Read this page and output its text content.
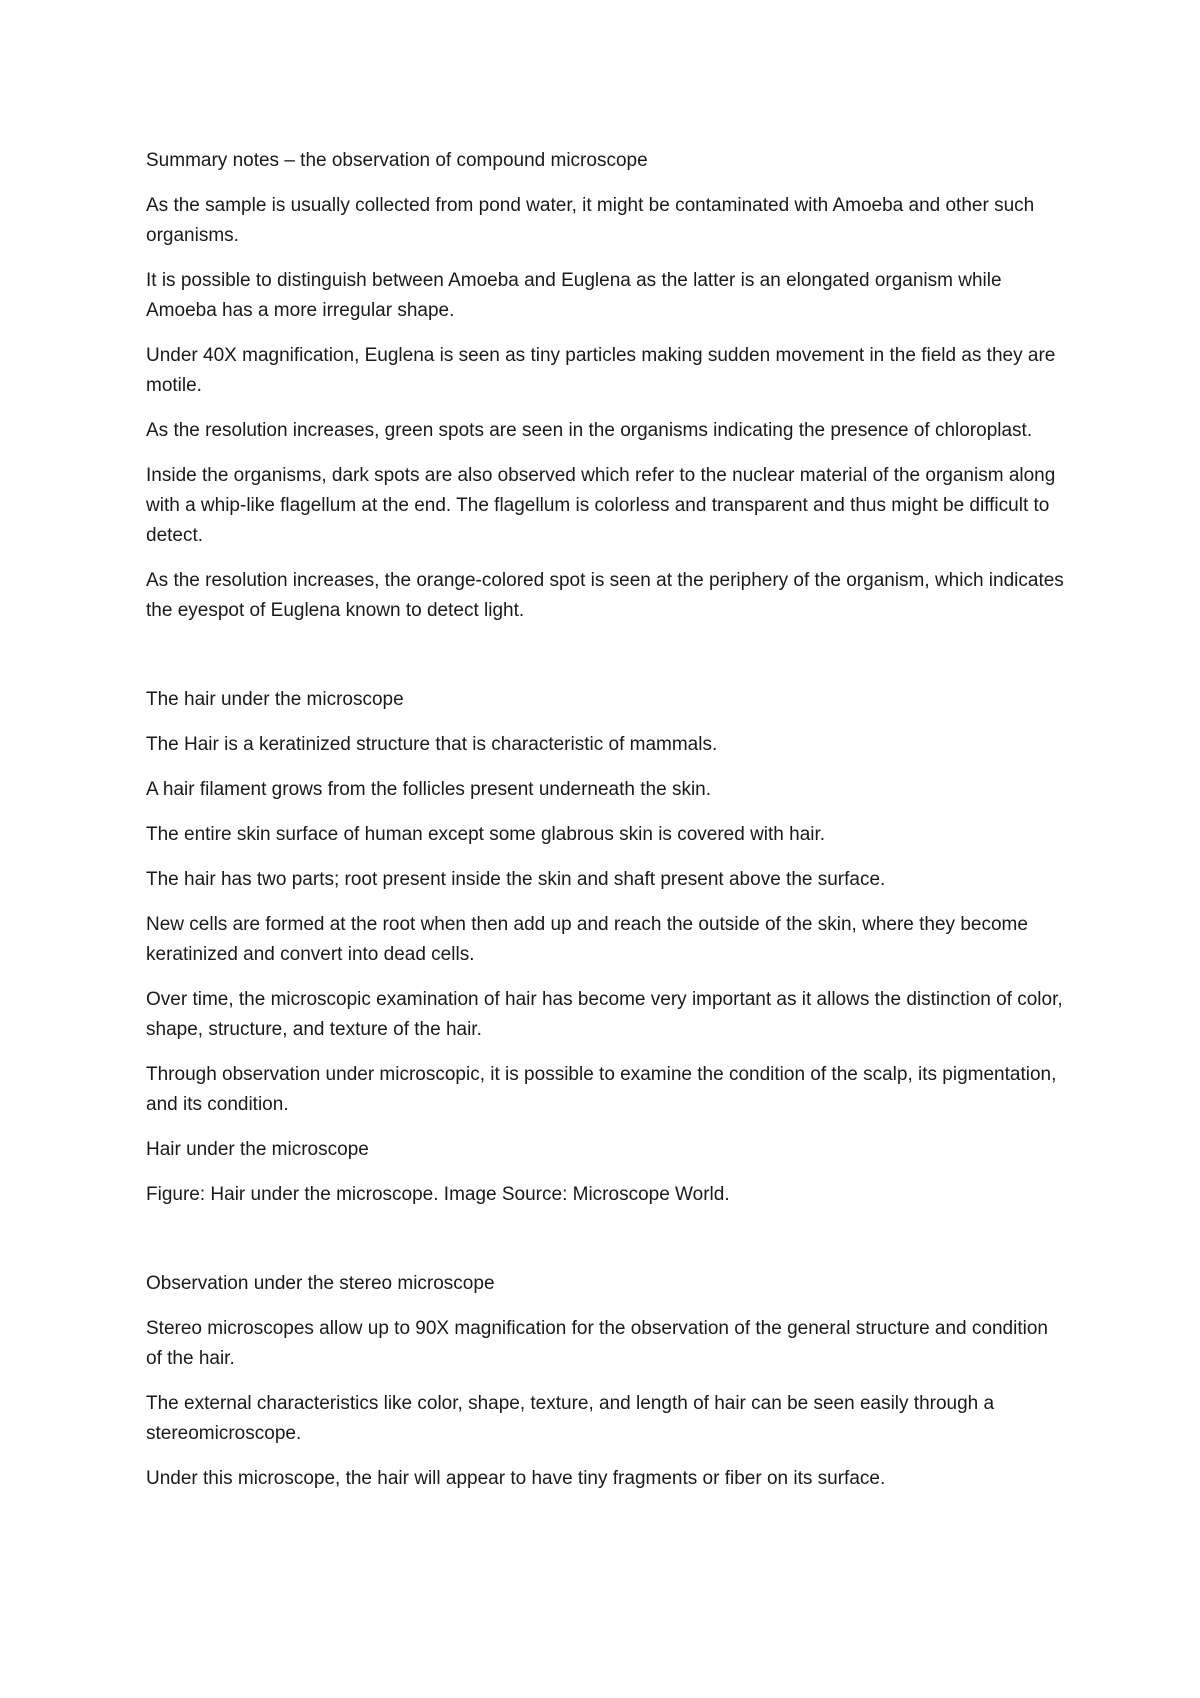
Summary notes – the observation of compound microscope

As the sample is usually collected from pond water, it might be contaminated with Amoeba and other such organisms.

It is possible to distinguish between Amoeba and Euglena as the latter is an elongated organism while Amoeba has a more irregular shape.

Under 40X magnification, Euglena is seen as tiny particles making sudden movement in the field as they are motile.

As the resolution increases, green spots are seen in the organisms indicating the presence of chloroplast.

Inside the organisms, dark spots are also observed which refer to the nuclear material of the organism along with a whip-like flagellum at the end. The flagellum is colorless and transparent and thus might be difficult to detect.

As the resolution increases, the orange-colored spot is seen at the periphery of the organism, which indicates the eyespot of Euglena known to detect light.

The hair under the microscope

The Hair is a keratinized structure that is characteristic of mammals.

A hair filament grows from the follicles present underneath the skin.

The entire skin surface of human except some glabrous skin is covered with hair.

The hair has two parts; root present inside the skin and shaft present above the surface.

New cells are formed at the root when then add up and reach the outside of the skin, where they become keratinized and convert into dead cells.

Over time, the microscopic examination of hair has become very important as it allows the distinction of color, shape, structure, and texture of the hair.

Through observation under microscopic, it is possible to examine the condition of the scalp, its pigmentation, and its condition.

Hair under the microscope

Figure: Hair under the microscope. Image Source: Microscope World.

Observation under the stereo microscope

Stereo microscopes allow up to 90X magnification for the observation of the general structure and condition of the hair.

The external characteristics like color, shape, texture, and length of hair can be seen easily through a stereomicroscope.

Under this microscope, the hair will appear to have tiny fragments or fiber on its surface.
